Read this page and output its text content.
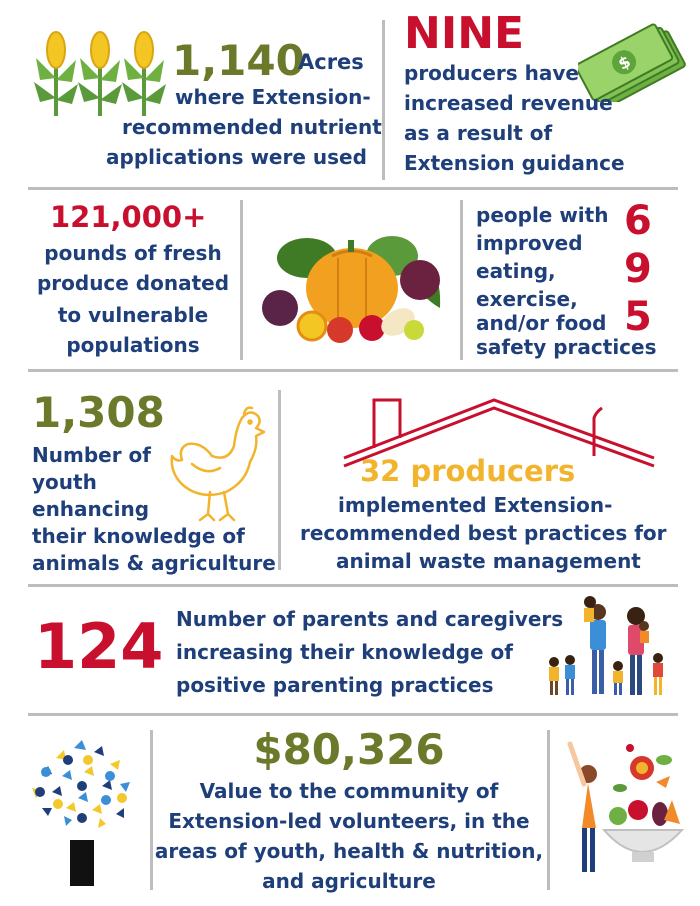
1,140
Acres
where Extension-
recommended nutrient
applications were used
NINE
$
producers have
increased revenue
as a result of
Extension guidance
121,000+
pounds of fresh
produce donated
to vulnerable
populations
people with
improved
eating,
exercise,
and/or food
safety practices
6
9
5
1,308
Number of
youth
enhancing
their knowledge of
animals & agriculture
32 producers
implemented Extension-
recommended best practices for
animal waste management
124 Number of parents and caregivers
increasing their knowledge of
positive parenting practices
$80,326
Value to the community of
Extension-led volunteers, in the
areas of youth, health & nutrition,
and agriculture
